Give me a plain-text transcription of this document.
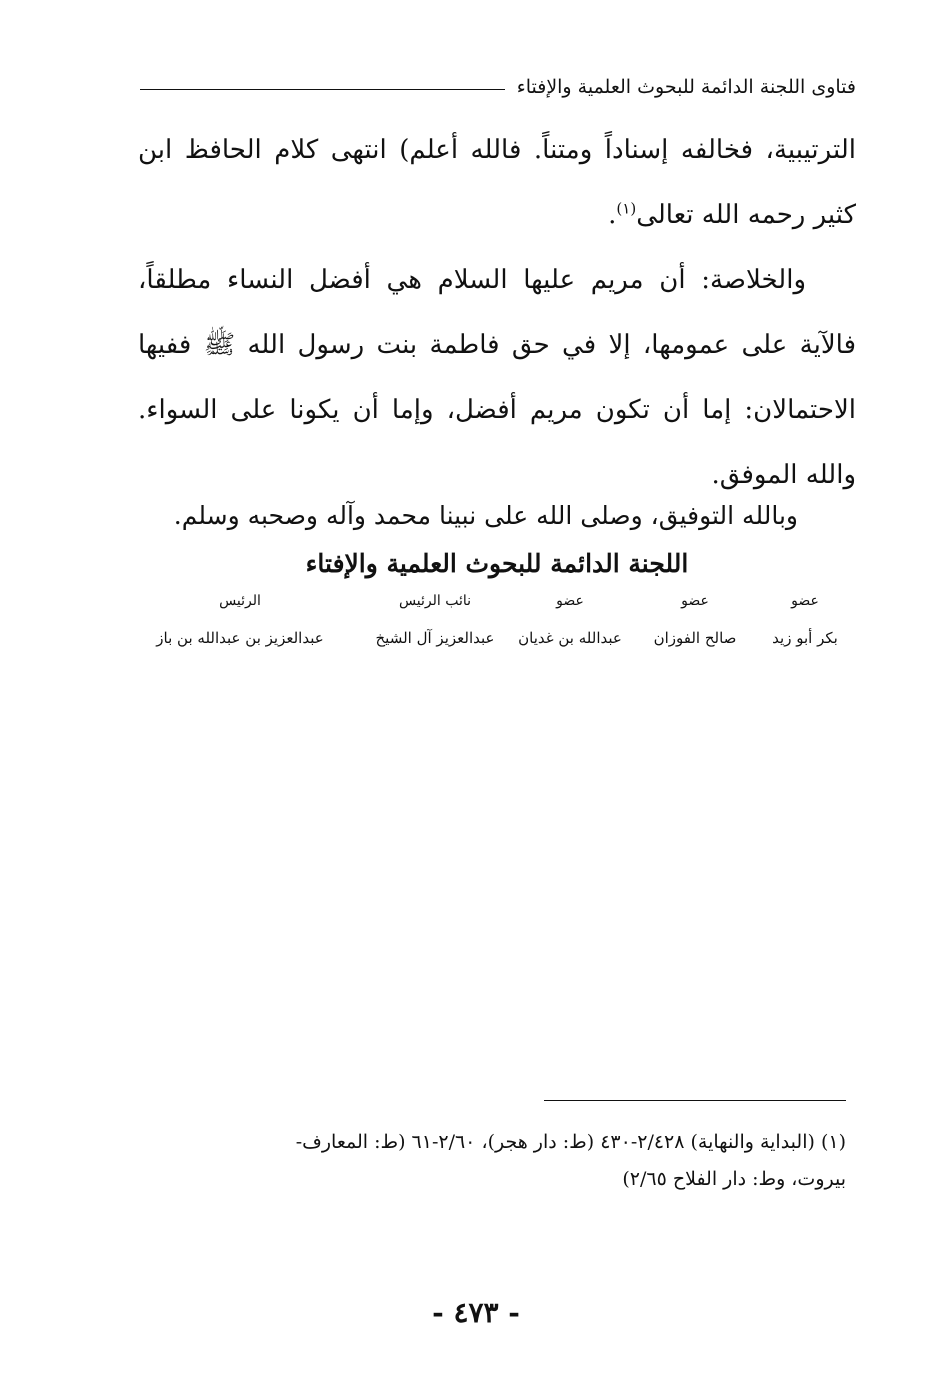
فتاوى اللجنة الدائمة للبحوث العلمية والإفتاء

الترتيبية، فخالفه إسناداً ومتناً. فالله أعلم) انتهى كلام الحافظ ابن كثير رحمه الله تعالى$^{(١)}$.

والخلاصة: أن مريم عليها السلام هي أفضل النساء مطلقاً، فالآية على عمومها، إلا في حق فاطمة بنت رسول الله ﷺ ففيها الاحتمالان: إما أن تكون مريم أفضل، وإما أن يكونا على السواء. والله الموفق.

وبالله التوفيق، وصلى الله على نبينا محمد وآله وصحبه وسلم.
اللجنة الدائمة للبحوث العلمية والإفتاء
عضو
بكر أبو زيد
عضو
صالح الفوزان
عضو
عبدالله بن غديان
نائب الرئيس
عبدالعزيز آل الشيخ
الرئيس
عبدالعزيز بن عبدالله بن باز

(١) (البداية والنهاية) ٢/٤٢٨-٤٣٠ (ط: دار هجر)، ٢/٦٠-٦١ (ط: المعارف-

بيروت، وط: دار الفلاح ٢/٦٥)

- ٤٧٣ -
